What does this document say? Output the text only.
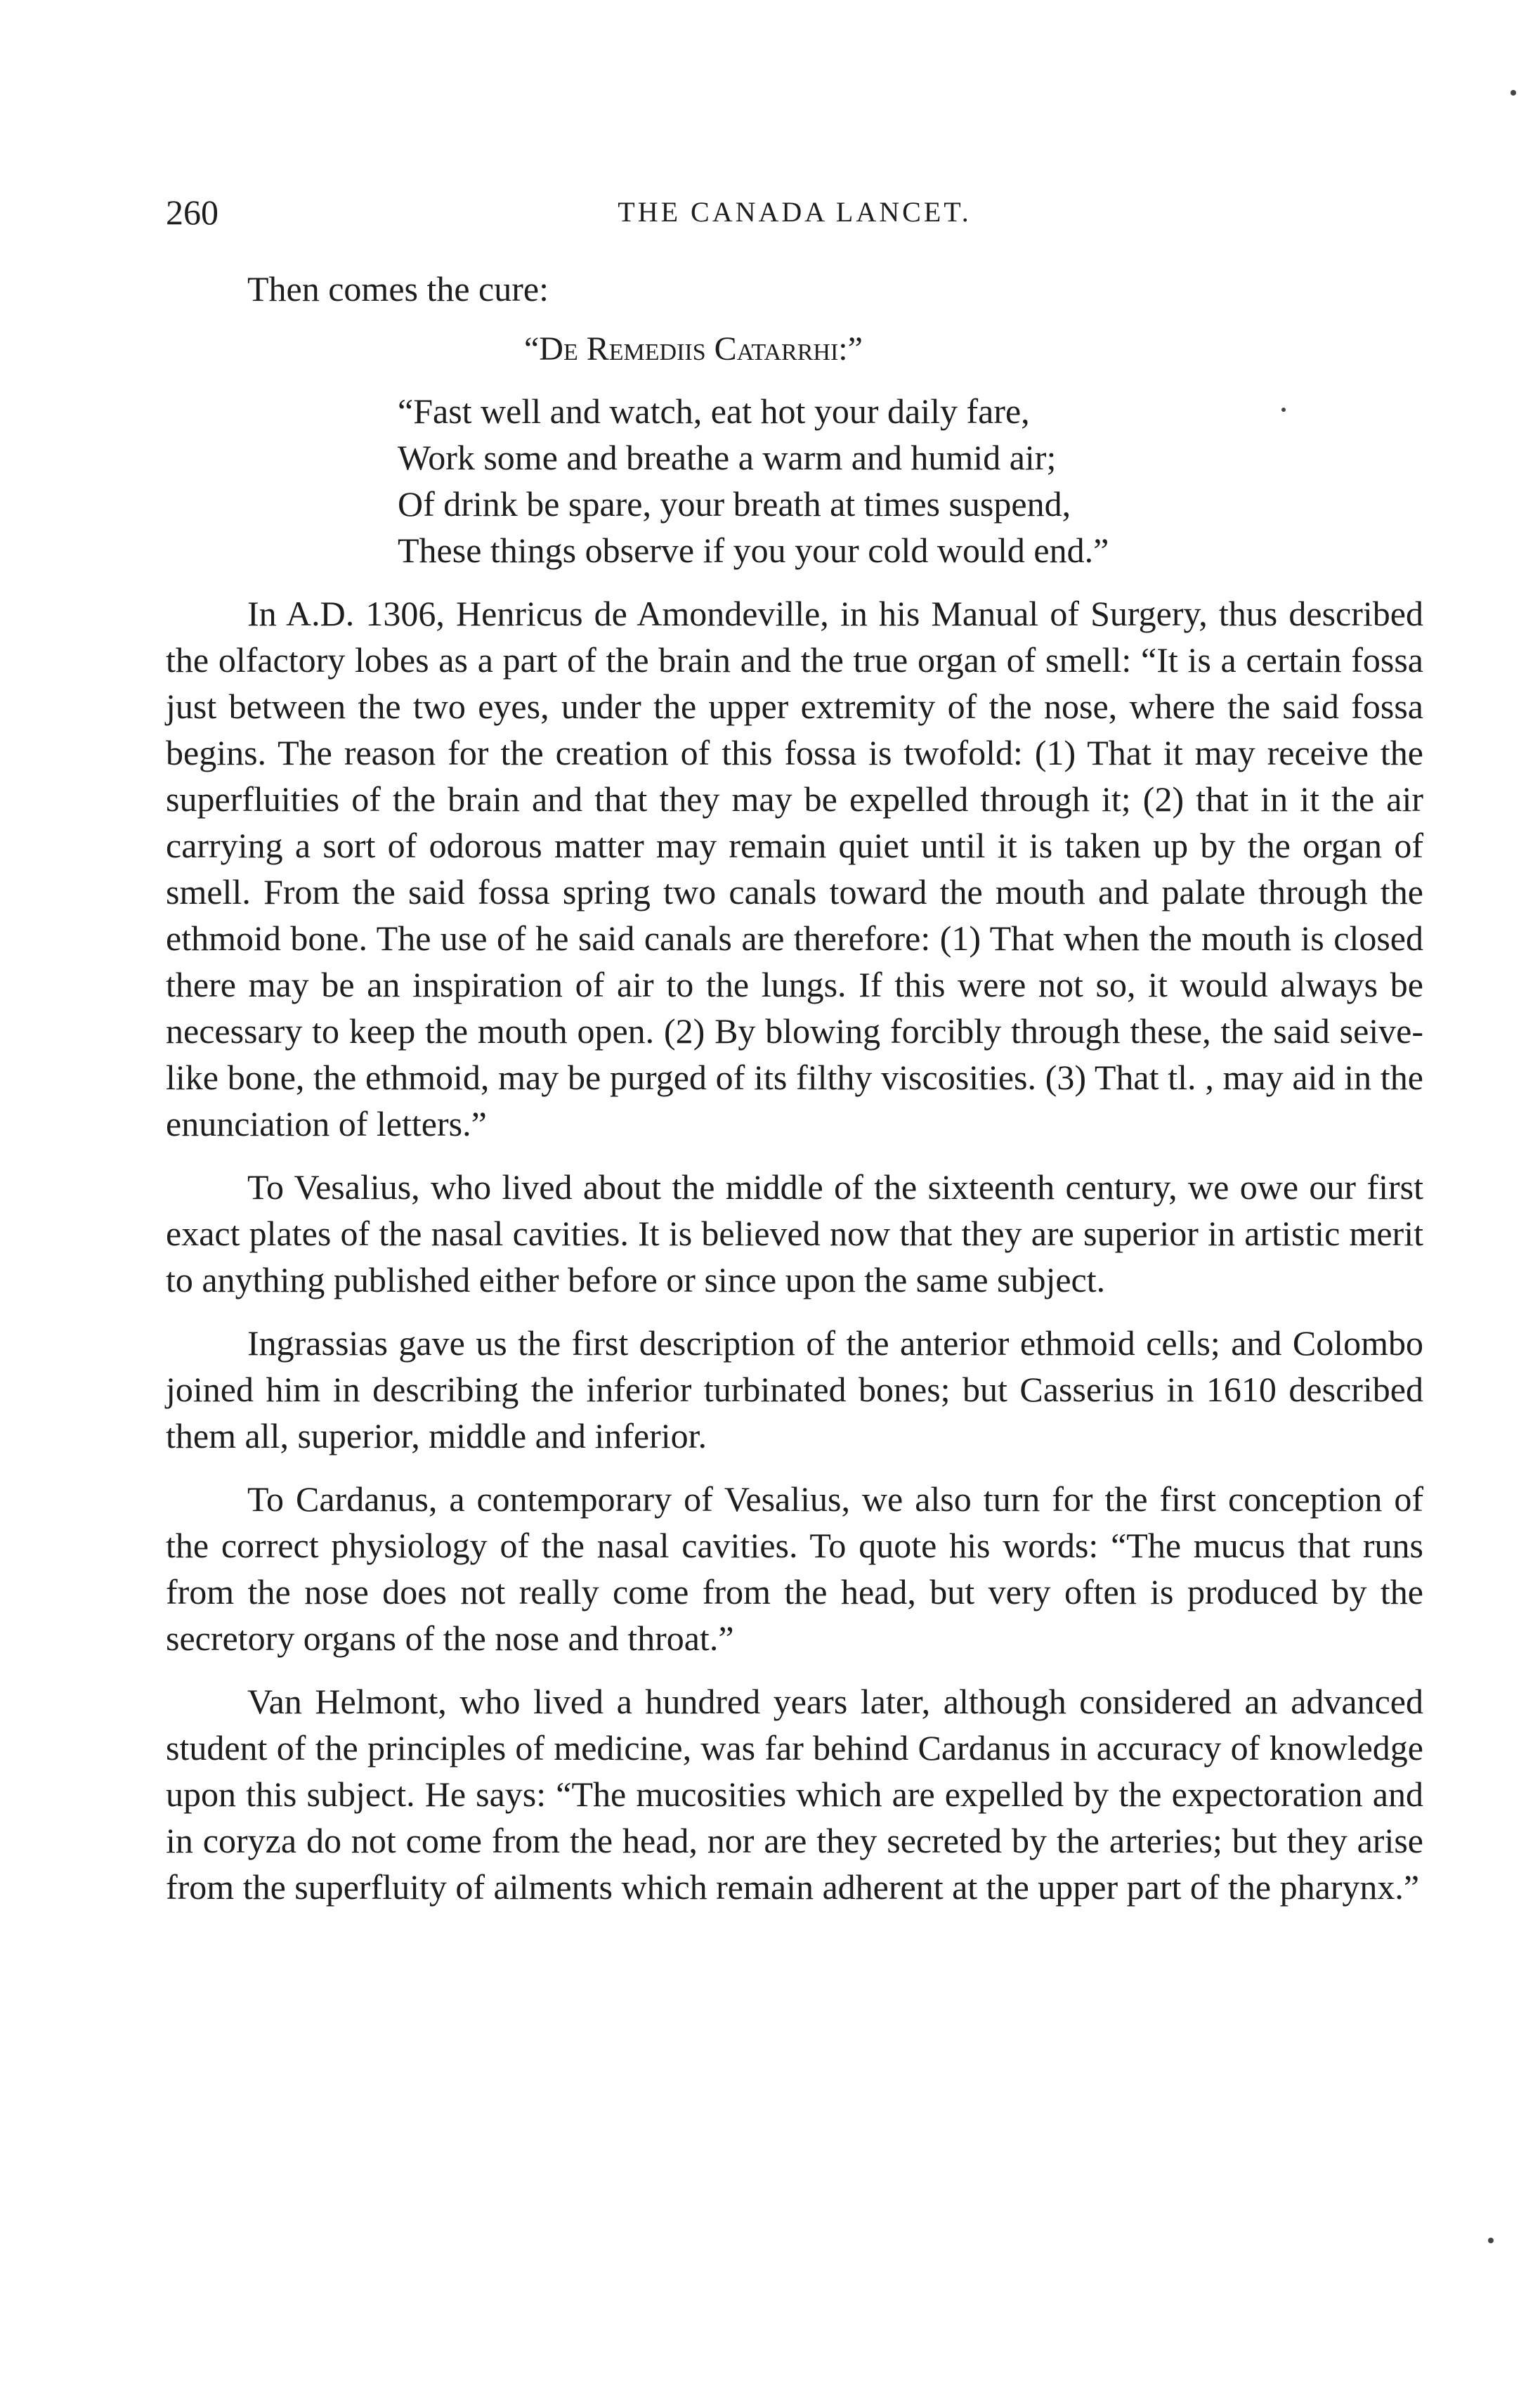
260	THE CANADA LANCET.

Then comes the cure:

“De Remediis Catarrhi:”
“Fast well and watch, eat hot your daily fare,
Work some and breathe a warm and humid air;
Of drink be spare, your breath at times suspend,
These things observe if you your cold would end.”

In A.D. 1306, Henricus de Amondeville, in his Manual of Surgery, thus described the olfactory lobes as a part of the brain and the true organ of smell: “It is a certain fossa just between the two eyes, under the upper extremity of the nose, where the said fossa begins. The reason for the creation of this fossa is twofold: (1) That it may receive the superfluities of the brain and that they may be expelled through it; (2) that in it the air carrying a sort of odorous matter may remain quiet until it is taken up by the organ of smell. From the said fossa spring two canals toward the mouth and palate through the ethmoid bone. The use of he said canals are therefore: (1) That when the mouth is closed there may be an inspiration of air to the lungs. If this were not so, it would always be necessary to keep the mouth open. (2) By blowing forcibly through these, the said seive-like bone, the ethmoid, may be purged of its filthy viscosities. (3) That tl. , may aid in the enunciation of letters.”

To Vesalius, who lived about the middle of the sixteenth century, we owe our first exact plates of the nasal cavities. It is believed now that they are superior in artistic merit to anything published either before or since upon the same subject.

Ingrassias gave us the first description of the anterior ethmoid cells; and Colombo joined him in describing the inferior turbinated bones; but Casserius in 1610 described them all, superior, middle and inferior.

To Cardanus, a contemporary of Vesalius, we also turn for the first conception of the correct physiology of the nasal cavities. To quote his words: “The mucus that runs from the nose does not really come from the head, but very often is produced by the secretory organs of the nose and throat.”

Van Helmont, who lived a hundred years later, although considered an advanced student of the principles of medicine, was far behind Cardanus in accuracy of knowledge upon this subject. He says: “The mucosities which are expelled by the expectoration and in coryza do not come from the head, nor are they secreted by the arteries; but they arise from the superfluity of ailments which remain adherent at the upper part of the pharynx.”
